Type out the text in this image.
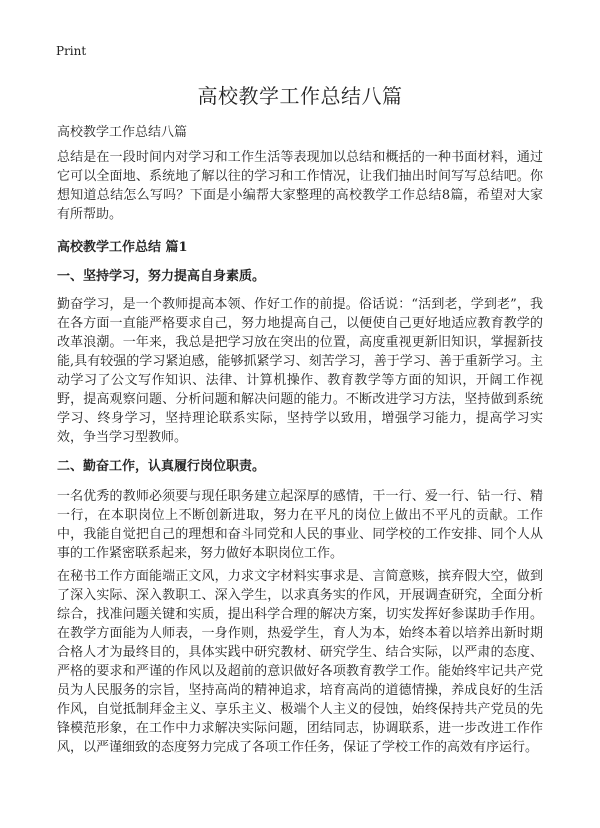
Print
高校教学工作总结八篇

高校教学工作总结八篇

总结是在一段时间内对学习和工作生活等表现加以总结和概括的一种书面材料，通过它可以全面地、系统地了解以往的学习和工作情况，让我们抽出时间写写总结吧。你想知道总结怎么写吗？下面是小编帮大家整理的高校教学工作总结8篇，希望对大家有所帮助。

高校教学工作总结 篇1

一、坚持学习，努力提高自身素质。

勤奋学习，是一个教师提高本领、作好工作的前提。俗话说：“活到老，学到老”，我在各方面一直能严格要求自己，努力地提高自己，以便使自己更好地适应教育教学的改革浪潮。一年来，我总是把学习放在突出的位置，高度重视更新旧知识，掌握新技能,具有较强的学习紧迫感，能够抓紧学习、刻苦学习，善于学习、善于重新学习。主动学习了公文写作知识、法律、计算机操作、教育教学等方面的知识，开阔工作视野，提高观察问题、分析问题和解决问题的能力。不断改进学习方法，坚持做到系统学习、终身学习，坚持理论联系实际，坚持学以致用，增强学习能力，提高学习实效，争当学习型教师。

二、勤奋工作，认真履行岗位职责。

一名优秀的教师必须要与现任职务建立起深厚的感情，干一行、爱一行、钻一行、精一行，在本职岗位上不断创新进取，努力在平凡的岗位上做出不平凡的贡献。工作中，我能自觉把自己的理想和奋斗同党和人民的事业、同学校的工作安排、同个人从事的工作紧密联系起来，努力做好本职岗位工作。

在秘书工作方面能端正文风，力求文字材料实事求是、言简意赅，摈弃假大空，做到了深入实际、深入教职工、深入学生，以求真务实的作风，开展调查研究，全面分析综合，找准问题关键和实质，提出科学合理的解决方案，切实发挥好参谋助手作用。在教学方面能为人师表，一身作则，热爱学生，育人为本，始终本着以培养出新时期合格人才为最终目的，具体实践中研究教材、研究学生、结合实际，以严肃的态度、严格的要求和严谨的作风以及超前的意识做好各项教育教学工作。能始终牢记共产党员为人民服务的宗旨，坚持高尚的精神追求，培育高尚的道德情操，养成良好的生活作风，自觉抵制拜金主义、享乐主义、极端个人主义的侵蚀，始终保持共产党员的先锋模范形象，在工作中力求解决实际问题，团结同志，协调联系，进一步改进工作作风，以严谨细致的态度努力完成了各项工作任务，保证了学校工作的高效有序运行。
